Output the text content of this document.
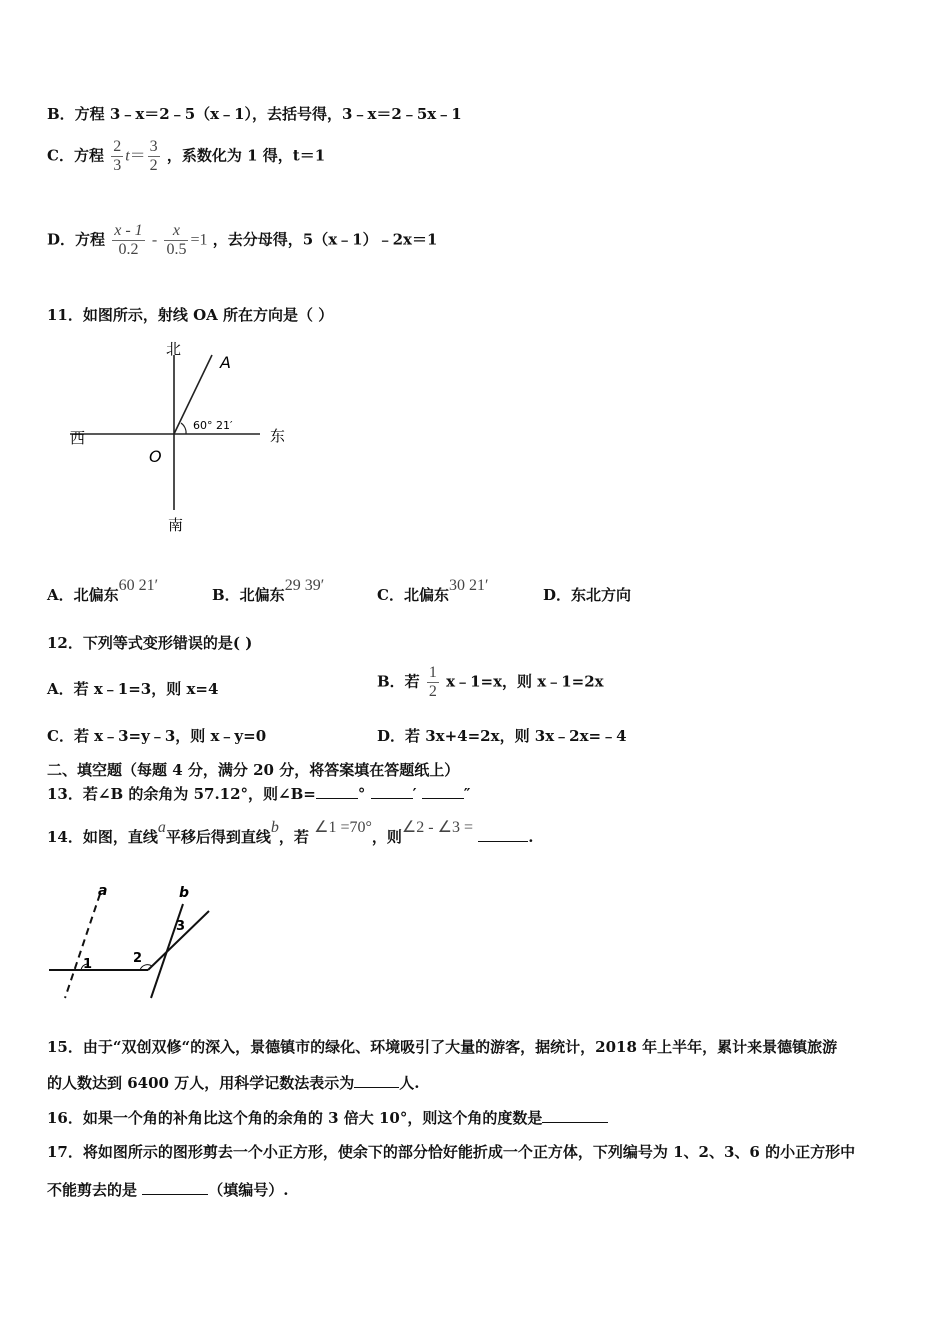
B．方程 3﹣x＝2﹣5（x﹣1），去括号得，3﹣x＝2﹣5x﹣1
C．方程 $\frac{2}{3} t= \frac{3}{2}$ ，系数化为 1 得，t＝1
D．方程 $\frac{x - 1}{0.2} - \frac{x}{0.5} =1$ ，去分母得，5（x﹣1）﹣2x＝1
11．如图所示，射线 OA 所在方向是（ ）
北
南
西	东
O
A
60° 21′
A．北偏东60 21′
B．北偏东29 39′
C．北偏东30 21′
D．东北方向
12．下列等式变形错误的是( )
A．若 x﹣1=3，则 x=4	B．若 $\frac{1}{2}$ x﹣1=x，则 x﹣1=2x
C．若 x﹣3=y﹣3，则 x﹣y=0	D．若 3x+4=2x，则 3x﹣2x=﹣4
二、填空题（每题 4 分，满分 20 分，将答案填在答题纸上）
13．若∠B 的余角为 57.12°，则∠B=	°	′	″
14．如图，直线a平移后得到直线b，若 ∠1 =70°，则∠2 - ∠3 = .
a	b
1	2
3
15．由于“双创双修“的深入，景德镇市的绿化、环境吸引了大量的游客，据统计，2018 年上半年，累计来景德镇旅游
的人数达到 6400 万人，用科学记数法表示为	人.
16．如果一个角的补角比这个角的余角的 3 倍大 10°，则这个角的度数是
17．将如图所示的图形剪去一个小正方形，使余下的部分恰好能折成一个正方体，下列编号为 1、2、3、6 的小正方形中
不能剪去的是	（填编号）.
